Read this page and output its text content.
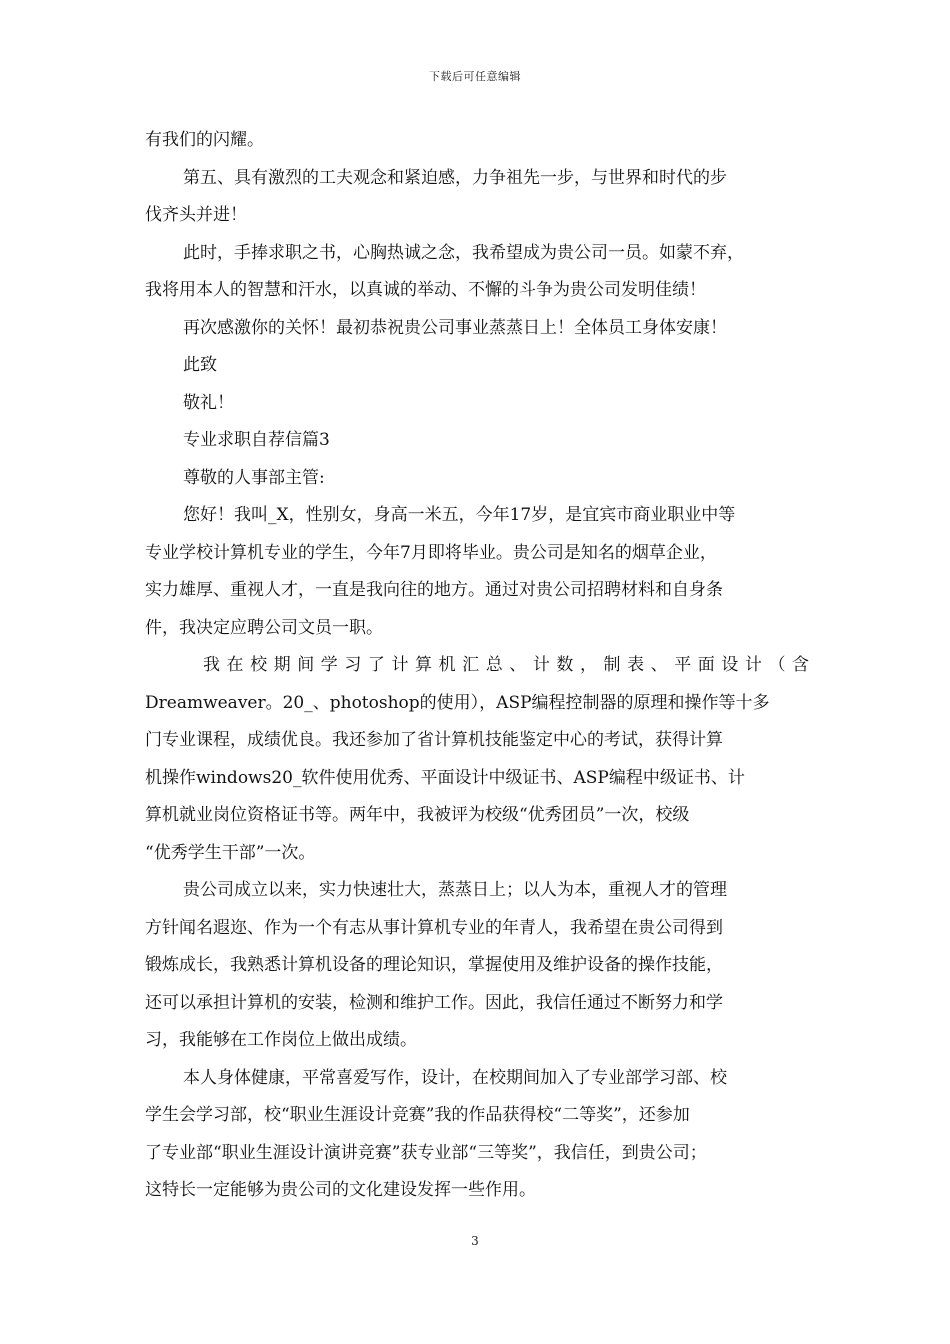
下载后可任意编辑
有我们的闪耀。
第五、具有激烈的工夫观念和紧迫感，力争祖先一步，与世界和时代的步
伐齐头并进！
此时，手捧求职之书，心胸热诚之念，我希望成为贵公司一员。如蒙不弃，
我将用本人的智慧和汗水，以真诚的举动、不懈的斗争为贵公司发明佳绩！
再次感激你的关怀！最初恭祝贵公司事业蒸蒸日上！全体员工身体安康！
此致
敬礼！
专业求职自荐信篇3
尊敬的人事部主管:
您好！我叫_X，性别女，身高一米五，今年17岁，是宜宾市商业职业中等
专业学校计算机专业的学生，今年7月即将毕业。贵公司是知名的烟草企业，
实力雄厚、重视人才，一直是我向往的地方。通过对贵公司招聘材料和自身条
件，我决定应聘公司文员一职。
我在校期间学习了计算机汇总、计数，制表、平面设计（含
Dreamweaver。20_、photoshop的使用），ASP编程控制器的原理和操作等十多
门专业课程，成绩优良。我还参加了省计算机技能鉴定中心的考试，获得计算
机操作windows20_软件使用优秀、平面设计中级证书、ASP编程中级证书、计
算机就业岗位资格证书等。两年中，我被评为校级“优秀团员”一次，校级
“优秀学生干部”一次。
贵公司成立以来，实力快速壮大，蒸蒸日上；以人为本，重视人才的管理
方针闻名遐迩、作为一个有志从事计算机专业的年青人，我希望在贵公司得到
锻炼成长，我熟悉计算机设备的理论知识，掌握使用及维护设备的操作技能，
还可以承担计算机的安装，检测和维护工作。因此，我信任通过不断努力和学
习，我能够在工作岗位上做出成绩。
本人身体健康，平常喜爱写作，设计，在校期间加入了专业部学习部、校
学生会学习部，校“职业生涯设计竞赛”我的作品获得校“二等奖”，还参加
了专业部“职业生涯设计演讲竞赛”获专业部“三等奖”，我信任，到贵公司；
这特长一定能够为贵公司的文化建设发挥一些作用。
3
